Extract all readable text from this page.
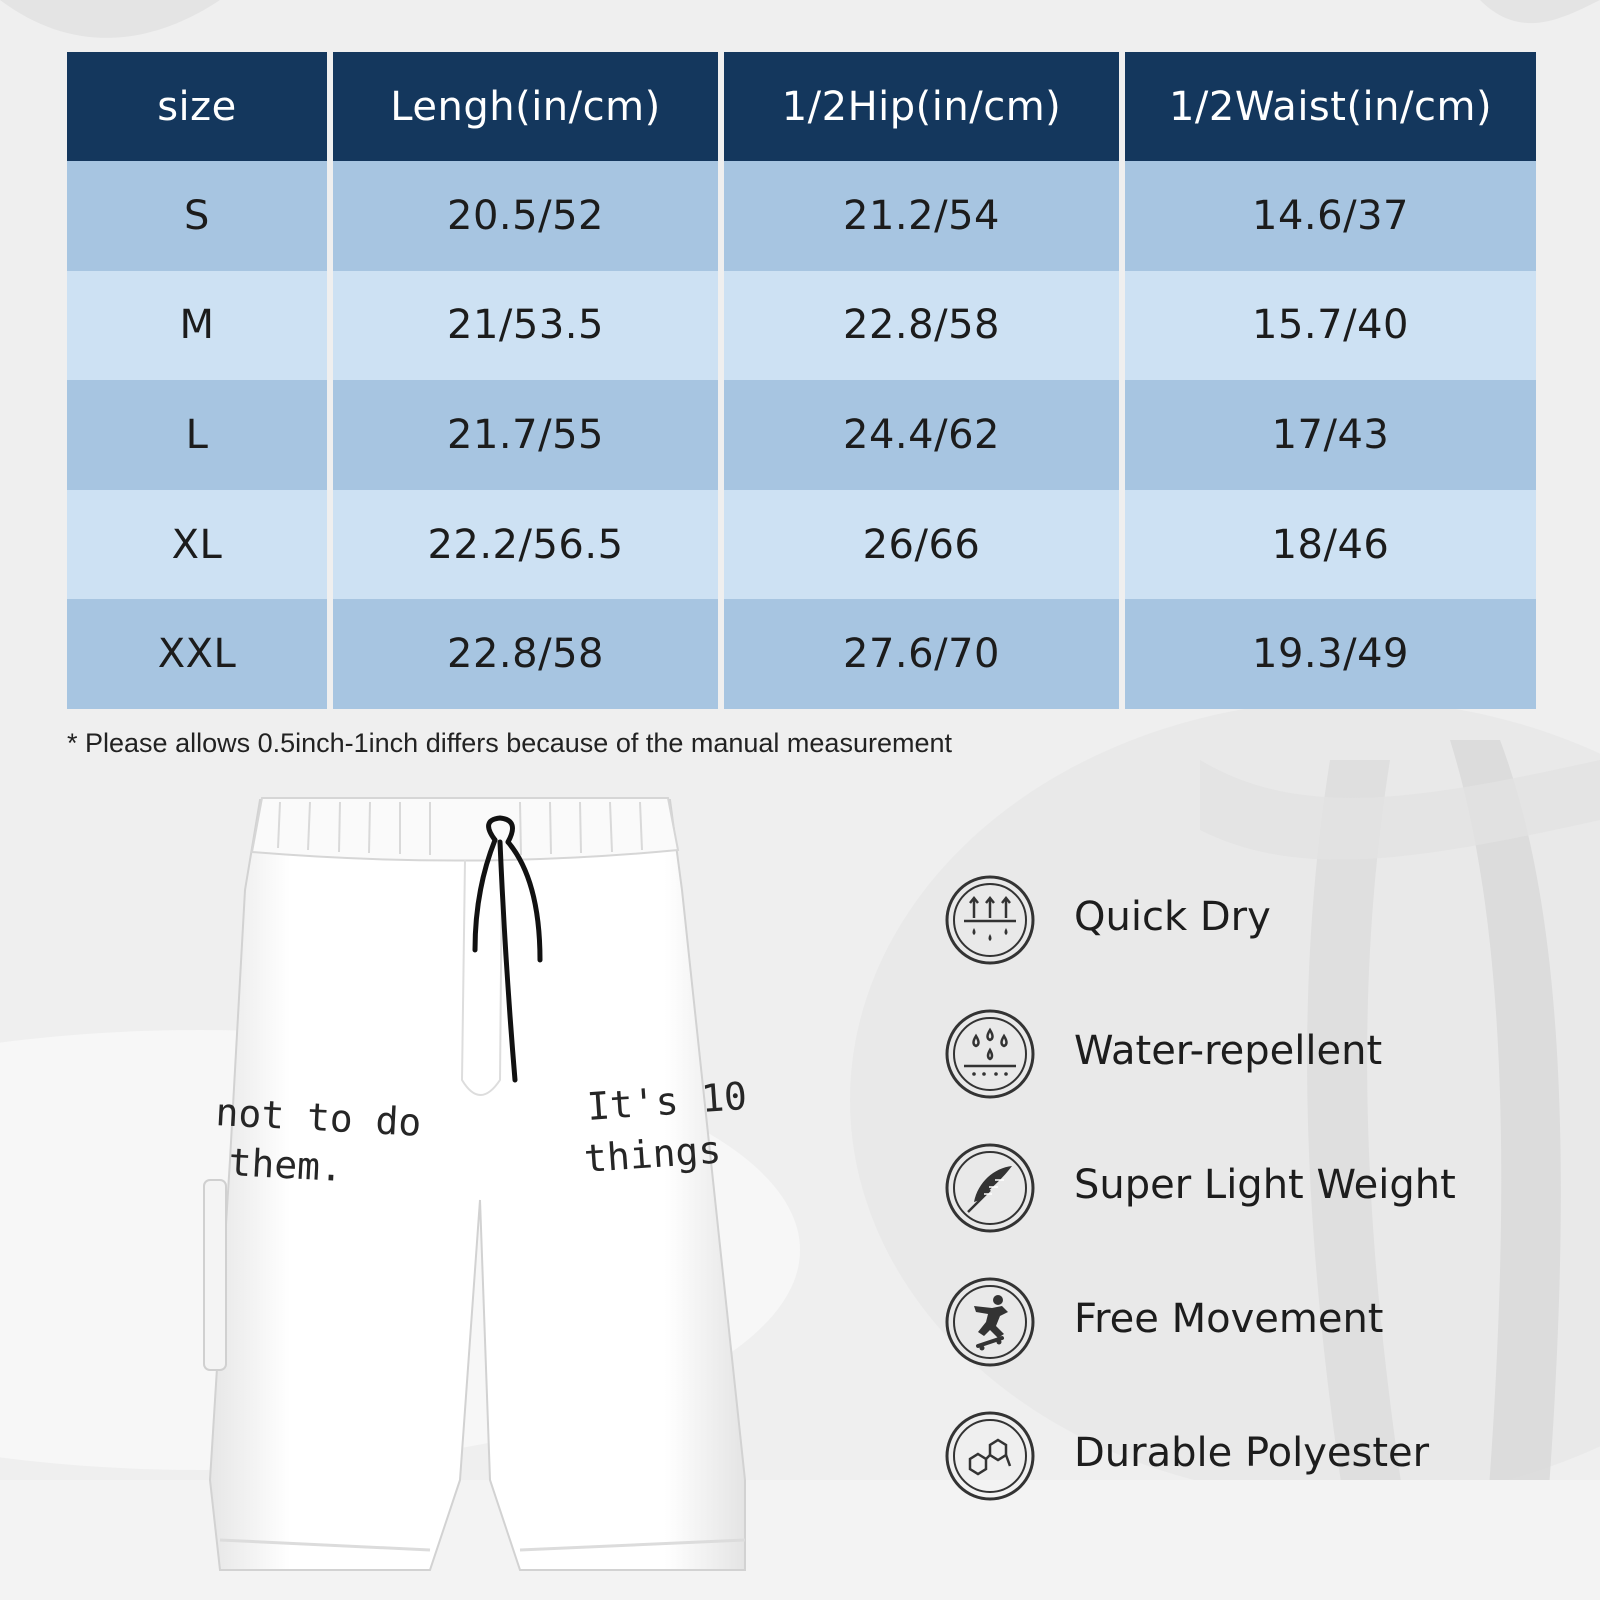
size	Lengh(in/cm)	1/2Hip(in/cm)	1/2Waist(in/cm)
S	20.5/52	21.2/54	14.6/37
M	21/53.5	22.8/58	15.7/40
L	21.7/55	24.4/62	17/43
XL	22.2/56.5	26/66	18/46
XXL	22.8/58	27.6/70	19.3/49
* Please allows 0.5inch-1inch differs because of the manual measurement
not to do
them.
It's 10
things
Quick Dry
Water-repellent
Super Light Weight
Free Movement
Durable Polyester
